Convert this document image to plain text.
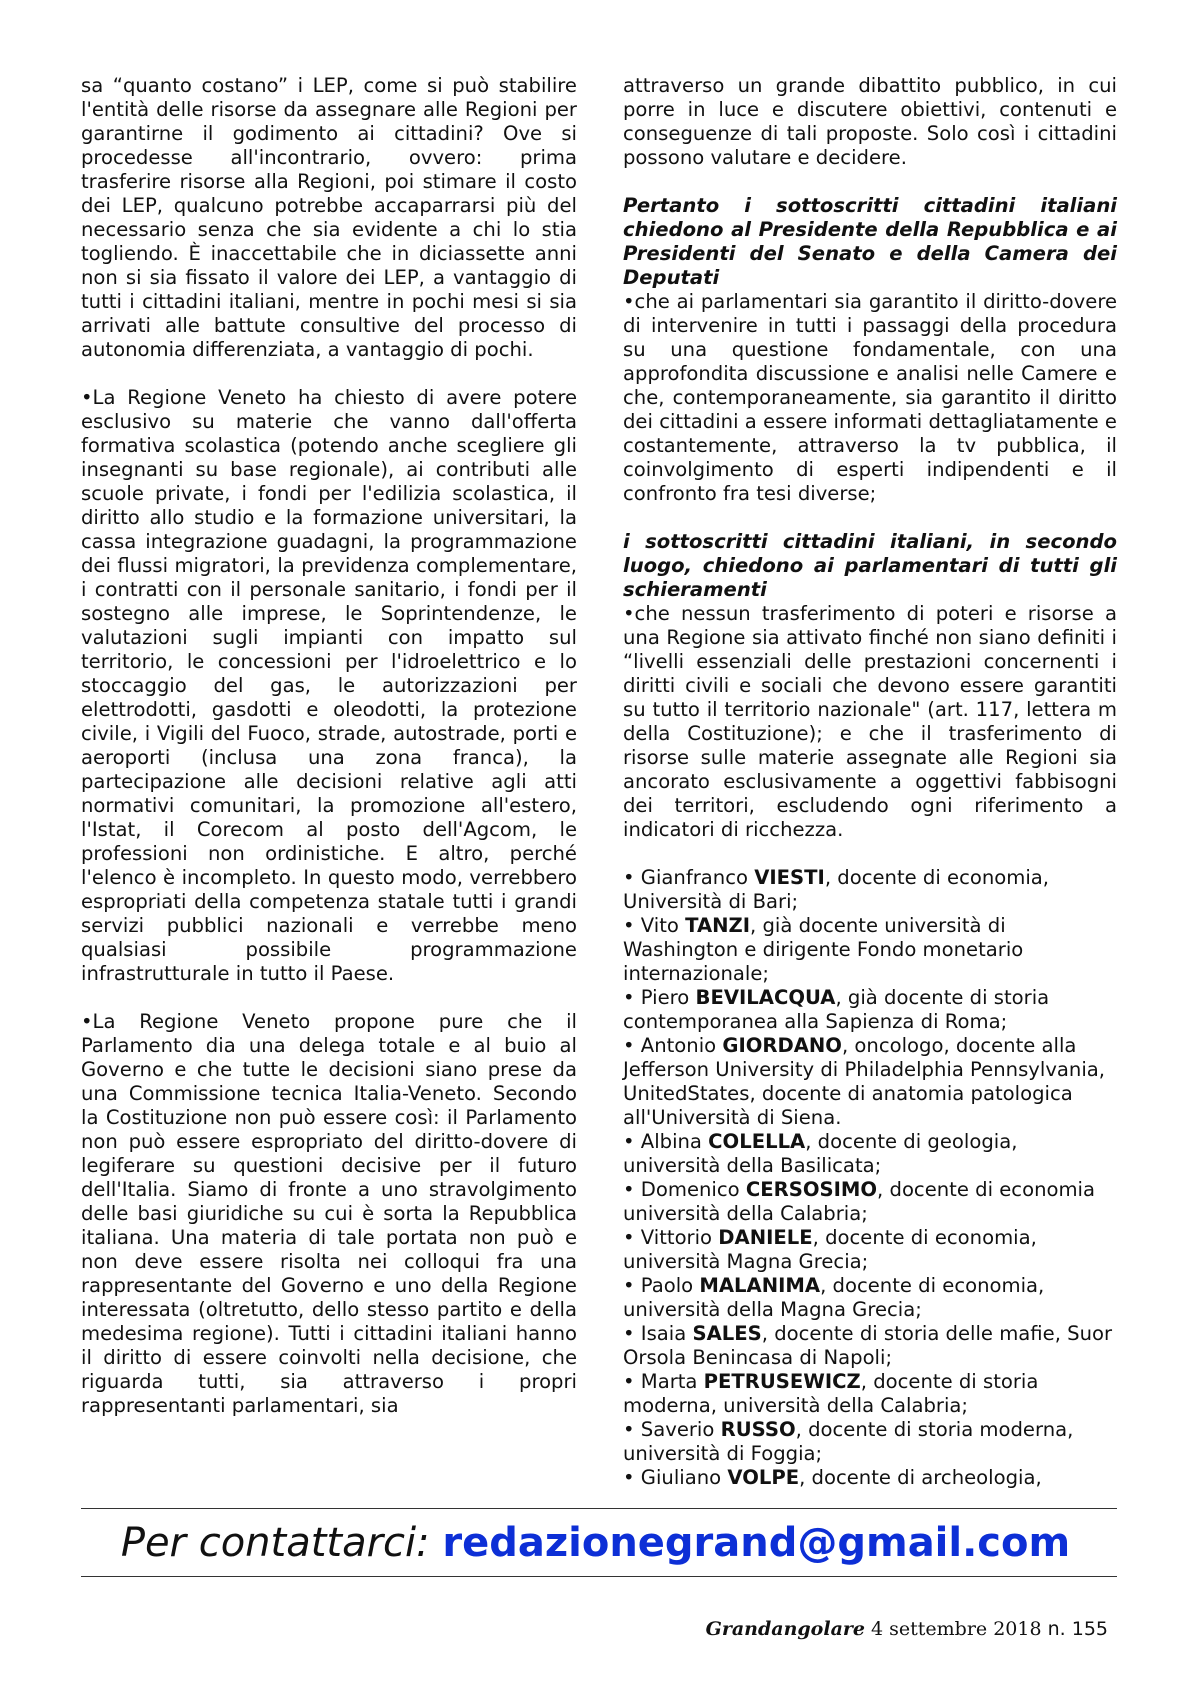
sa “quanto costano” i LEP, come si può stabilire l'entità delle risorse da assegnare alle Regioni per garantirne il godimento ai cittadini? Ove si procedesse all'incontrario, ovvero: prima trasferire risorse alla Regioni, poi stimare il costo dei LEP, qualcuno potrebbe accaparrarsi più del necessario senza che sia evidente a chi lo stia togliendo. È inaccettabile che in diciassette anni non si sia fissato il valore dei LEP, a vantaggio di tutti i cittadini italiani, mentre in pochi mesi si sia arrivati alle battute consultive del processo di autonomia differenziata, a vantaggio di pochi.

•La Regione Veneto ha chiesto di avere potere esclusivo su materie che vanno dall'offerta formativa scolastica (potendo anche scegliere gli insegnanti su base regionale), ai contributi alle scuole private, i fondi per l'edilizia scolastica, il diritto allo studio e la formazione universitari, la cassa integrazione guadagni, la programmazione dei flussi migratori, la previdenza complementare, i contratti con il personale sanitario, i fondi per il sostegno alle imprese, le Soprintendenze, le valutazioni sugli impianti con impatto sul territorio, le concessioni per l'idroelettrico e lo stoccaggio del gas, le autorizzazioni per elettrodotti, gasdotti e oleodotti, la protezione civile, i Vigili del Fuoco, strade, autostrade, porti e aeroporti (inclusa una zona franca), la partecipazione alle decisioni relative agli atti normativi comunitari, la promozione all'estero, l'Istat, il Corecom al posto dell'Agcom, le professioni non ordinistiche. E altro, perché l'elenco è incompleto. In questo modo, verrebbero espropriati della competenza statale tutti i grandi servizi pubblici nazionali e verrebbe meno qualsiasi possibile programmazione infrastrutturale in tutto il Paese.

•La Regione Veneto propone pure che il Parlamento dia una delega totale e al buio al Governo e che tutte le decisioni siano prese da una Commissione tecnica Italia-Veneto. Secondo la Costituzione non può essere così: il Parlamento non può essere espropriato del diritto-dovere di legiferare su questioni decisive per il futuro dell'Italia. Siamo di fronte a uno stravolgimento delle basi giuridiche su cui è sorta la Repubblica italiana. Una materia di tale portata non può e non deve essere risolta nei colloqui fra una rappresentante del Governo e uno della Regione interessata (oltretutto, dello stesso partito e della medesima regione). Tutti i cittadini italiani hanno il diritto di essere coinvolti nella decisione, che riguarda tutti, sia attraverso i propri rappresentanti parlamentari, sia

attraverso un grande dibattito pubblico, in cui porre in luce e discutere obiettivi, contenuti e conseguenze di tali proposte. Solo così i cittadini possono valutare e decidere.

Pertanto i sottoscritti cittadini italiani chiedono al Presidente della Repubblica e ai Presidenti del Senato e della Camera dei Deputati

•che ai parlamentari sia garantito il diritto-dovere di intervenire in tutti i passaggi della procedura su una questione fondamentale, con una approfondita discussione e analisi nelle Camere e che, contemporaneamente, sia garantito il diritto dei cittadini a essere informati dettagliatamente e costantemente, attraverso la tv pubblica, il coinvolgimento di esperti indipendenti e il confronto fra tesi diverse;

i sottoscritti cittadini italiani, in secondo luogo, chiedono ai parlamentari di tutti gli schieramenti

•che nessun trasferimento di poteri e risorse a una Regione sia attivato finché non siano definiti i “livelli essenziali delle prestazioni concernenti i diritti civili e sociali che devono essere garantiti su tutto il territorio nazionale" (art. 117, lettera m della Costituzione); e che il trasferimento di risorse sulle materie assegnate alle Regioni sia ancorato esclusivamente a oggettivi fabbisogni dei territori, escludendo ogni riferimento a indicatori di ricchezza.

• Gianfranco VIESTI, docente di economia, Università di Bari;

• Vito TANZI, già docente università di Washington e dirigente Fondo monetario internazionale;

• Piero BEVILACQUA, già docente di storia contemporanea alla Sapienza di Roma;

• Antonio GIORDANO, oncologo, docente alla Jefferson University di Philadelphia Pennsylvania, UnitedStates, docente di anatomia patologica all'Università di Siena.

• Albina COLELLA, docente di geologia, università della Basilicata;

• Domenico CERSOSIMO, docente di economia università della Calabria;

• Vittorio DANIELE, docente di economia, università Magna Grecia;

• Paolo MALANIMA, docente di economia, università della Magna Grecia;

• Isaia SALES, docente di storia delle mafie, Suor Orsola Benincasa di Napoli;

• Marta PETRUSEWICZ, docente di storia moderna, università della Calabria;

• Saverio RUSSO, docente di storia moderna, università di Foggia;

• Giuliano VOLPE, docente di archeologia,

Per contattarci: redazionegrand@gmail.com
Grandangolare 4 settembre 2018 n. 155
